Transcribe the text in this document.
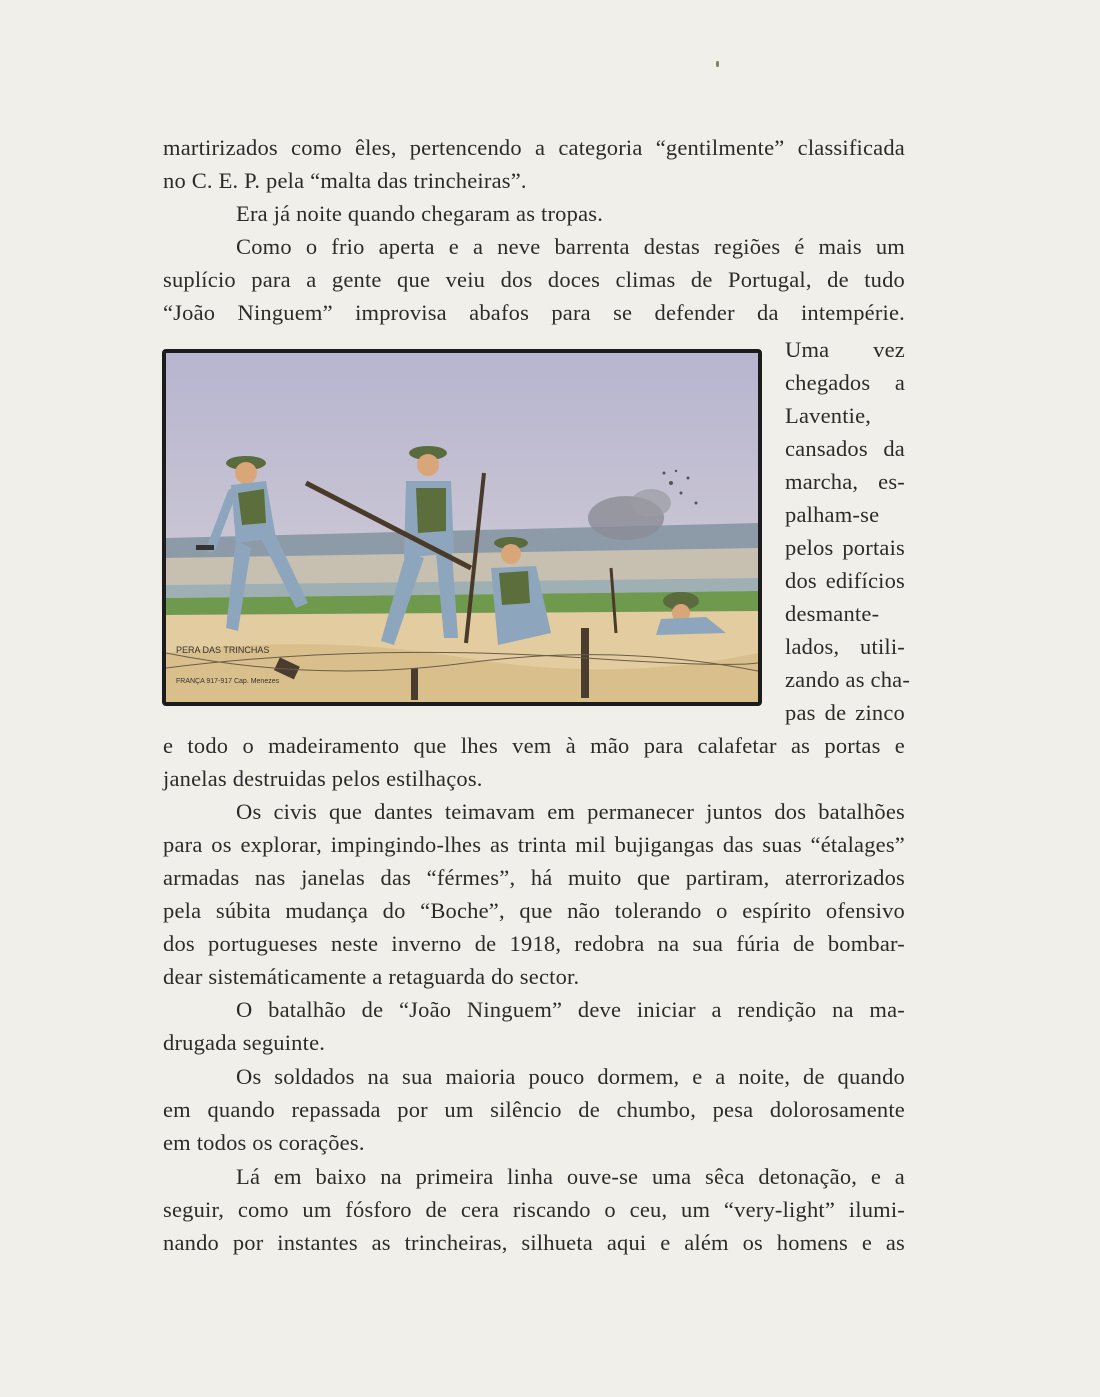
martirizados como êles, pertencendo a categoria “gentilmente” classificada
no C. E. P. pela “malta das trincheiras”.
Era já noite quando chegaram as tropas.
Como o frio aperta e a neve barrenta destas regiões é mais um
suplício para a gente que veiu dos doces climas de Portugal, de tudo
“João Ninguem” improvisa abafos para se defender da intempérie.
Uma vez
chegados a
Laventie,
cansados da
marcha, es-
palham-se
pelos portais
dos edifícios
desmante-
lados, utili-
zando as cha-
pas de zinco
PERA DAS TRINCHAS
FRANÇA 917-917 Cap. Menezes
e todo o madeiramento que lhes vem à mão para calafetar as portas e
janelas destruidas pelos estilhaços.
Os civis que dantes teimavam em permanecer juntos dos batalhões
para os explorar, impingindo-lhes as trinta mil bujigangas das suas “étalages”
armadas nas janelas das “férmes”, há muito que partiram, aterrorizados
pela súbita mudança do “Boche”, que não tolerando o espírito ofensivo
dos portugueses neste inverno de 1918, redobra na sua fúria de bombar-
dear sistemáticamente a retaguarda do sector.
O batalhão de “João Ninguem” deve iniciar a rendição na ma-
drugada seguinte.
Os soldados na sua maioria pouco dormem, e a noite, de quando
em quando repassada por um silêncio de chumbo, pesa dolorosamente
em todos os corações.
Lá em baixo na primeira linha ouve-se uma sêca detonação, e a
seguir, como um fósforo de cera riscando o ceu, um “very-light” ilumi-
nando por instantes as trincheiras, silhueta aqui e além os homens e as
